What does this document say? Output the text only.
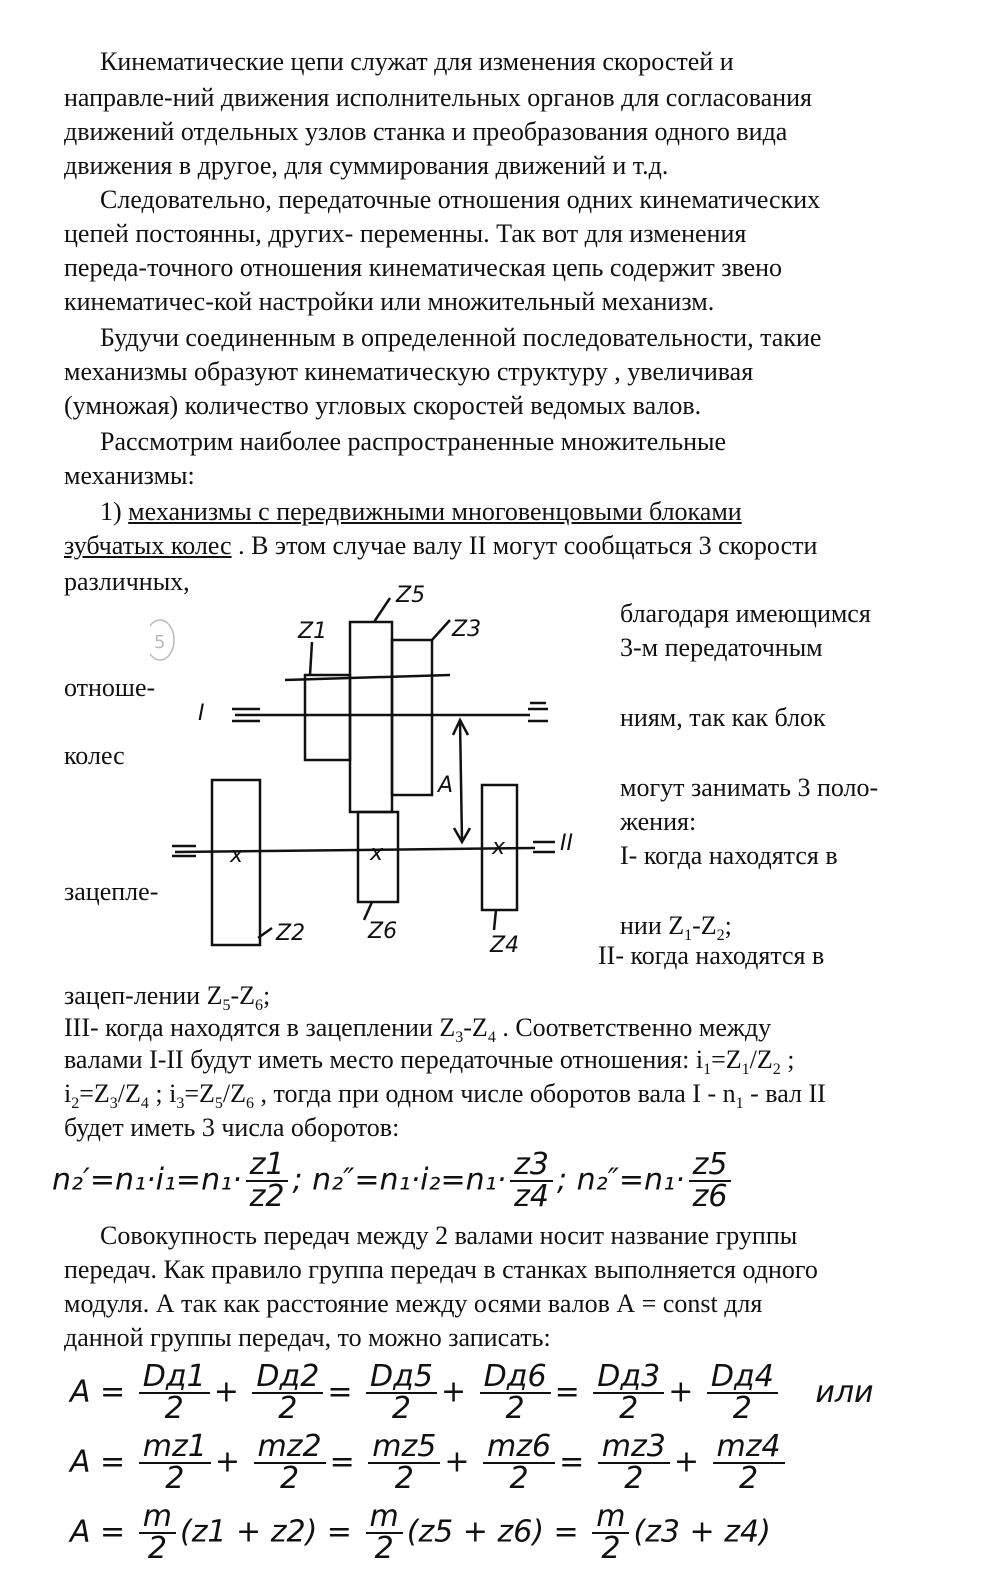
Кинематические цепи служат для изменения скоростей и
направле-ний движения исполнительных органов для согласования
движений отдельных узлов станка и преобразования одного вида
движения в другое, для суммирования движений и т.д.
Следовательно, передаточные отношения одних кинематических
цепей постоянны, других- переменны. Так вот для изменения
переда-точного отношения кинематическая цепь содержит звено
кинематичес-кой настройки или множительный механизм.
Будучи соединенным в определенной последовательности, такие
механизмы образуют кинематическую структуру , увеличивая
(умножая) количество угловых скоростей ведомых валов.
Рассмотрим наиболее распространенные множительные
механизмы:
1) механизмы с передвижными многовенцовыми блоками
зубчатых колес . В этом случае валу II могут сообщаться 3 скорости
различных,
благодаря имеющимся
3-м передаточным
ниям, так как блок
могут занимать 3 поло-
жения:
I- когда находятся в
нии $Z_1-Z_2$;
II- когда находятся в
отноше-
колес
зацепле-
Z5
Z1	Z3
I
A
II
Z2	Z6
Z4
x	x	x
5
зацеп-лении $Z_5-Z_6$;
III- когда находятся в зацеплении $Z_3-Z_4$ . Соответственно между
валами I-II будут иметь место передаточные отношения: $i_1=Z_1/Z_2$ ;
$i_2=Z_3/Z_4$ ; $i_3=Z_5/Z_6$ , тогда при одном числе оборотов вала I - $n_1$ - вал II
будет иметь 3 числа оборотов:
$n_2'=n_1\cdot i_1=n_1\cdot \frac{z1}{z2}$ ; $n_2''=n_1\cdot i_2=n_1\cdot \frac{z3}{z4}$ ; $n_2''=n_1\cdot \frac{z5}{z6}$
Совокупность передач между 2 валами носит название группы
передач. Как правило группа передач в станках выполняется одного
модуля. А так как расстояние между осями валов А = const для
данной группы передач, то можно записать:
$A = \frac{Dд1}{2} + \frac{Dд2}{2} = \frac{Dд5}{2} + \frac{Dд6}{2} = \frac{Dд3}{2} + \frac{Dд4}{2}$ или
$A = \frac{mz1}{2} + \frac{mz2}{2} = \frac{mz5}{2} + \frac{mz6}{2} = \frac{mz3}{2} + \frac{mz4}{2}$
$A = \frac{m}{2} (z1 + z2) = \frac{m}{2} (z5 + z6) = \frac{m}{2} (z3 + z4)$
